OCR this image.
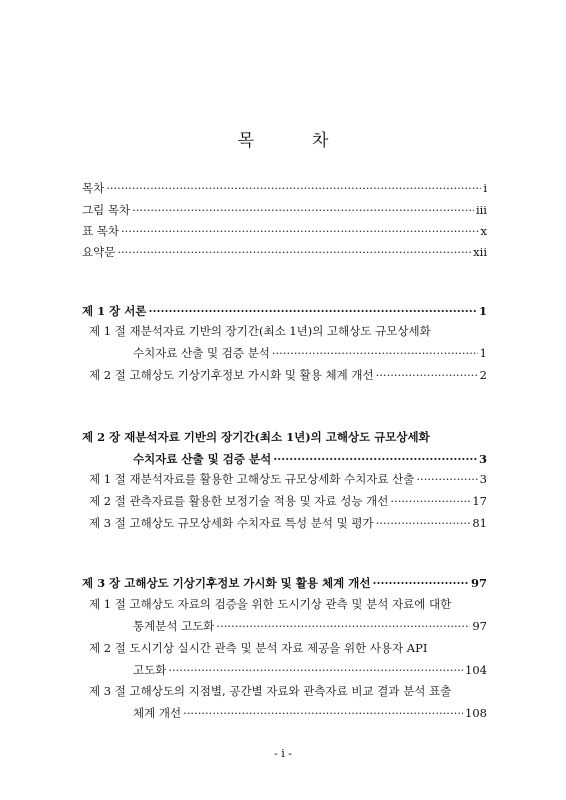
목	차
목차 ·····	i
그림 목차 ·····	iii
표 목차 ·····	x
요약문 ·····	xii
제 1 장 서론 ·····	1
제 1 절 재분석자료 기반의 장기간(최소 1년)의 고해상도 규모상세화
수치자료 산출 및 검증 분석 ·····	1
제 2 절 고해상도 기상기후정보 가시화 및 활용 체계 개선 ·····	2
제 2 장 재분석자료 기반의 장기간(최소 1년)의 고해상도 규모상세화
수치자료 산출 및 검증 분석 ·····	3
제 1 절 재분석자료를 활용한 고해상도 규모상세화 수치자료 산출 ·····	3
제 2 절 관측자료를 활용한 보정기술 적용 및 자료 성능 개선 ·····	17
제 3 절 고해상도 규모상세화 수치자료 특성 분석 및 평가 ·····	81
제 3 장 고해상도 기상기후정보 가시화 및 활용 체계 개선 ·····	97
제 1 절 고해상도 자료의 검증을 위한 도시기상 관측 및 분석 자료에 대한
통계분석 고도화 ·····	97
제 2 절 도시기상 실시간 관측 및 분석 자료 제공을 위한 사용자 API
고도화 ·····	104
제 3 절 고해상도의 지점별, 공간별 자료와 관측자료 비교 결과 분석 표출
체계 개선 ·····	108
- i -
